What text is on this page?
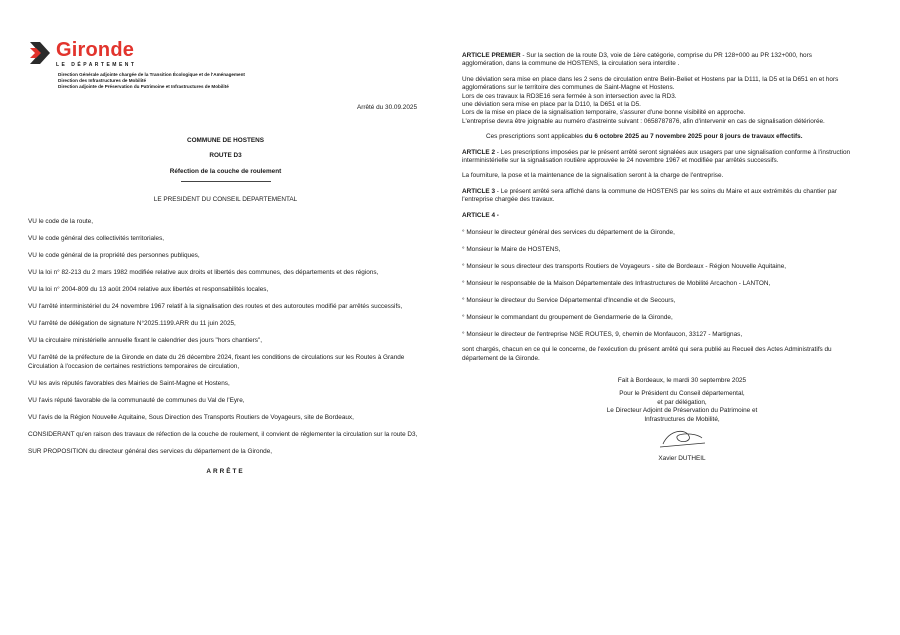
Gironde
LE DÉPARTEMENT
Direction Générale adjointe chargée de la Transition Écologique et de l'Aménagement
Direction des Infrastructures de Mobilité
Direction adjointe de Préservation du Patrimoine et Infrastructures de Mobilité
Arrêté du 30.09.2025
COMMUNE DE HOSTENS
ROUTE D3
Réfection de la couche de roulement
LE PRESIDENT DU CONSEIL DEPARTEMENTAL
VU le code de la route,
VU le code général des collectivités territoriales,
VU le code général de la propriété des personnes publiques,
VU la loi n° 82-213 du 2 mars 1982 modifiée relative aux droits et libertés des communes, des départements et des régions,
VU la loi n° 2004-809 du 13 août 2004 relative aux libertés et responsabilités locales,
VU l'arrêté interministériel du 24 novembre 1967 relatif à la signalisation des routes et des autoroutes modifié par arrêtés successifs,
VU l'arrêté de délégation de signature N°2025.1199.ARR du 11 juin 2025,
VU la circulaire ministérielle annuelle fixant le calendrier des jours "hors chantiers",
VU l'arrêté de la préfecture de la Gironde en date du 26 décembre 2024, fixant les conditions de circulations sur les Routes à Grande Circulation à l'occasion de certaines restrictions temporaires de circulation,
VU les avis réputés favorables des Mairies de Saint-Magne et Hostens,
VU l'avis réputé favorable de la communauté de communes du Val de l'Eyre,
VU l'avis de la Région Nouvelle Aquitaine, Sous Direction des Transports Routiers de Voyageurs, site de Bordeaux,
CONSIDERANT qu'en raison des travaux de réfection de la couche de roulement, il convient de réglementer la circulation sur la route D3,
SUR PROPOSITION du directeur général des services du département de la Gironde,
ARRÊTE
ARTICLE PREMIER - Sur la section de la route D3, voie de 1ère catégorie, comprise du PR 128+000 au PR 132+000, hors agglomération, dans la commune de HOSTENS, la circulation sera interdite .
Une déviation sera mise en place dans les 2 sens de circulation entre Belin-Beliet et Hostens par la D111, la D5 et la D651 en et hors agglomérations sur le territoire des communes de Saint-Magne et Hostens.
Lors de ces travaux la RD3E16 sera fermée à son intersection avec la RD3.
une déviation sera mise en place par la D110, la D651 et la D5.
Lors de la mise en place de la signalisation temporaire, s'assurer d'une bonne visibilité en approche.
L'entreprise devra être joignable au numéro d'astreinte suivant : 0658787876, afin d'intervenir en cas de signalisation détériorée.
Ces prescriptions sont applicables du 6 octobre 2025 au 7 novembre 2025 pour 8 jours de travaux effectifs.
ARTICLE 2 - Les prescriptions imposées par le présent arrêté seront signalées aux usagers par une signalisation conforme à l'instruction interministérielle sur la signalisation routière approuvée le 24 novembre 1967 et modifiée par arrêtés successifs.
La fourniture, la pose et la maintenance de la signalisation seront à la charge de l'entreprise.
ARTICLE 3 - Le présent arrêté sera affiché dans la commune de HOSTENS par les soins du Maire et aux extrémités du chantier par l'entreprise chargée des travaux.
ARTICLE 4 -
° Monsieur le directeur général des services du département de la Gironde,
° Monsieur le Maire de HOSTENS,
° Monsieur le sous directeur des transports Routiers de Voyageurs - site de Bordeaux - Région Nouvelle Aquitaine,
° Monsieur le responsable de la Maison Départementale des Infrastructures de Mobilité Arcachon - LANTON,
° Monsieur le directeur du Service Départemental d'Incendie et de Secours,
° Monsieur le commandant du groupement de Gendarmerie de la Gironde,
° Monsieur le directeur de l'entreprise NGE ROUTES, 9, chemin de Monfaucon, 33127 - Martignas,
sont chargés, chacun en ce qui le concerne, de l'exécution du présent arrêté qui sera publié au Recueil des Actes Administratifs du département de la Gironde.
Fait à Bordeaux, le mardi 30 septembre 2025
Pour le Président du Conseil départemental,
et par délégation,
Le Directeur Adjoint de Préservation du Patrimoine et
Infrastructures de Mobilité,
Xavier DUTHEIL
